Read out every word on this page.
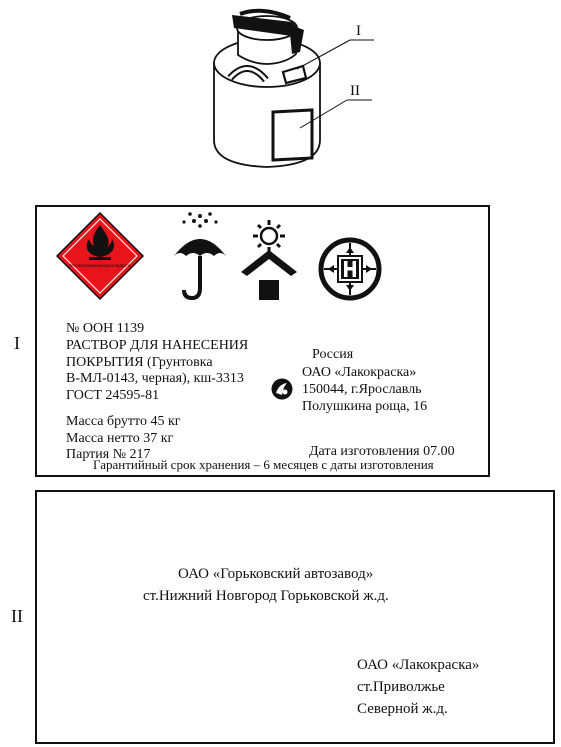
I
II
I
Легковоспламеняющаяся жидкость
№ ООН 1139
РАСТВОР ДЛЯ НАНЕСЕНИЯ
ПОКРЫТИЯ (Грунтовка
В-МЛ-0143, черная), кш-3313
ГОСТ 24595-81
Масса брутто 45 кг
Масса нетто 37 кг
Партия № 217
Россия
ОАО «Лакокраска»
150044, г.Ярославль
Полушкина роща, 16
Дата изготовления 07.00
Гарантийный срок хранения – 6 месяцев с даты изготовления
II
ОАО «Горьковский автозавод»
ст.Нижний Новгород Горьковской ж.д.
ОАО «Лакокраска»
ст.Приволжье
Северной ж.д.
